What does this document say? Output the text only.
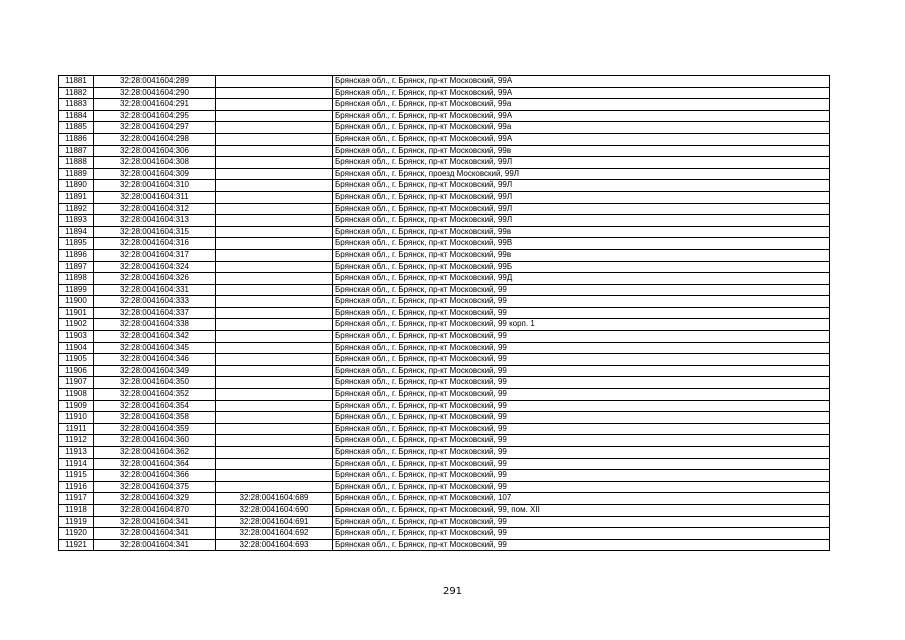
11881	32:28:0041604:289		Брянская обл., г. Брянск, пр-кт Московский, 99А
11882	32:28:0041604:290		Брянская обл., г. Брянск, пр-кт Московский, 99А
11883	32:28:0041604:291		Брянская обл., г. Брянск, пр-кт Московский, 99а
11884	32:28:0041604:295		Брянская обл., г. Брянск, пр-кт Московский, 99А
11885	32:28:0041604:297		Брянская обл., г. Брянск, пр-кт Московский, 99а
11886	32:28:0041604:298		Брянская обл., г. Брянск, пр-кт Московский, 99А
11887	32:28:0041604:306		Брянская обл., г. Брянск, пр-кт Московский, 99в
11888	32:28:0041604:308		Брянская обл., г. Брянск, пр-кт Московский, 99Л
11889	32:28:0041604:309		Брянская обл., г. Брянск, проезд Московский, 99Л
11890	32:28:0041604:310		Брянская обл., г. Брянск, пр-кт Московский, 99Л
11891	32:28:0041604:311		Брянская обл., г. Брянск, пр-кт Московский, 99Л
11892	32:28:0041604:312		Брянская обл., г. Брянск, пр-кт Московский, 99Л
11893	32:28:0041604:313		Брянская обл., г. Брянск, пр-кт Московский, 99Л
11894	32:28:0041604:315		Брянская обл., г. Брянск, пр-кт Московский, 99в
11895	32:28:0041604:316		Брянская обл., г. Брянск, пр-кт Московский, 99В
11896	32:28:0041604:317		Брянская обл., г. Брянск, пр-кт Московский, 99в
11897	32:28:0041604:324		Брянская обл., г. Брянск, пр-кт Московский, 99Б
11898	32:28:0041604:326		Брянская обл., г. Брянск, пр-кт Московский, 99Д
11899	32:28:0041604:331		Брянская обл., г. Брянск, пр-кт Московский, 99
11900	32:28:0041604:333		Брянская обл., г. Брянск, пр-кт Московский, 99
11901	32:28:0041604:337		Брянская обл., г. Брянск, пр-кт Московский, 99
11902	32:28:0041604:338		Брянская обл., г. Брянск, пр-кт Московский, 99 корп. 1
11903	32:28:0041604:342		Брянская обл., г. Брянск, пр-кт Московский, 99
11904	32:28:0041604:345		Брянская обл., г. Брянск, пр-кт Московский, 99
11905	32:28:0041604:346		Брянская обл., г. Брянск, пр-кт Московский, 99
11906	32:28:0041604:349		Брянская обл., г. Брянск, пр-кт Московский, 99
11907	32:28:0041604:350		Брянская обл., г. Брянск, пр-кт Московский, 99
11908	32:28:0041604:352		Брянская обл., г. Брянск, пр-кт Московский, 99
11909	32:28:0041604:354		Брянская обл., г. Брянск, пр-кт Московский, 99
11910	32:28:0041604:358		Брянская обл., г. Брянск, пр-кт Московский, 99
11911	32:28:0041604:359		Брянская обл., г. Брянск, пр-кт Московский, 99
11912	32:28:0041604:360		Брянская обл., г. Брянск, пр-кт Московский, 99
11913	32:28:0041604:362		Брянская обл., г. Брянск, пр-кт Московский, 99
11914	32:28:0041604:364		Брянская обл., г. Брянск, пр-кт Московский, 99
11915	32:28:0041604:366		Брянская обл., г. Брянск, пр-кт Московский, 99
11916	32:28:0041604:375		Брянская обл., г. Брянск, пр-кт Московский, 99
11917	32:28:0041604:329	32:28:0041604:689	Брянская обл., г. Брянск, пр-кт Московский, 107
11918	32:28:0041604:870	32:28:0041604:690	Брянская обл., г. Брянск, пр-кт Московский, 99, пом. XII
11919	32:28:0041604:341	32:28:0041604:691	Брянская обл., г. Брянск, пр-кт Московский, 99
11920	32:28:0041604:341	32:28:0041604:692	Брянская обл., г. Брянск, пр-кт Московский, 99
11921	32:28:0041604:341	32:28:0041604:693	Брянская обл., г. Брянск, пр-кт Московский, 99
291
